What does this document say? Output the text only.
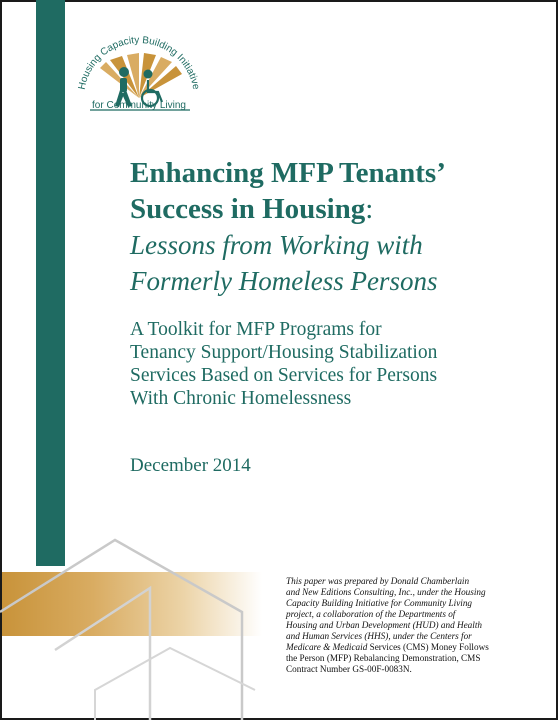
Housing Capacity Building Initiative
for Community Living
Enhancing MFP Tenants’
Success in Housing:
Lessons from Working with
Formerly Homeless Persons
A Toolkit for MFP Programs for
Tenancy Support/Housing Stabilization
Services Based on Services for Persons
With Chronic Homelessness
December 2014
This paper was prepared by Donald Chamberlain
and New Editions Consulting, Inc., under the Housing
Capacity Building Initiative for Community Living
project, a collaboration of the Departments of
Housing and Urban Development (HUD) and Health
and Human Services (HHS), under the Centers for
Medicare & Medicaid Services (CMS) Money Follows
the Person (MFP) Rebalancing Demonstration, CMS
Contract Number GS-00F-0083N.
